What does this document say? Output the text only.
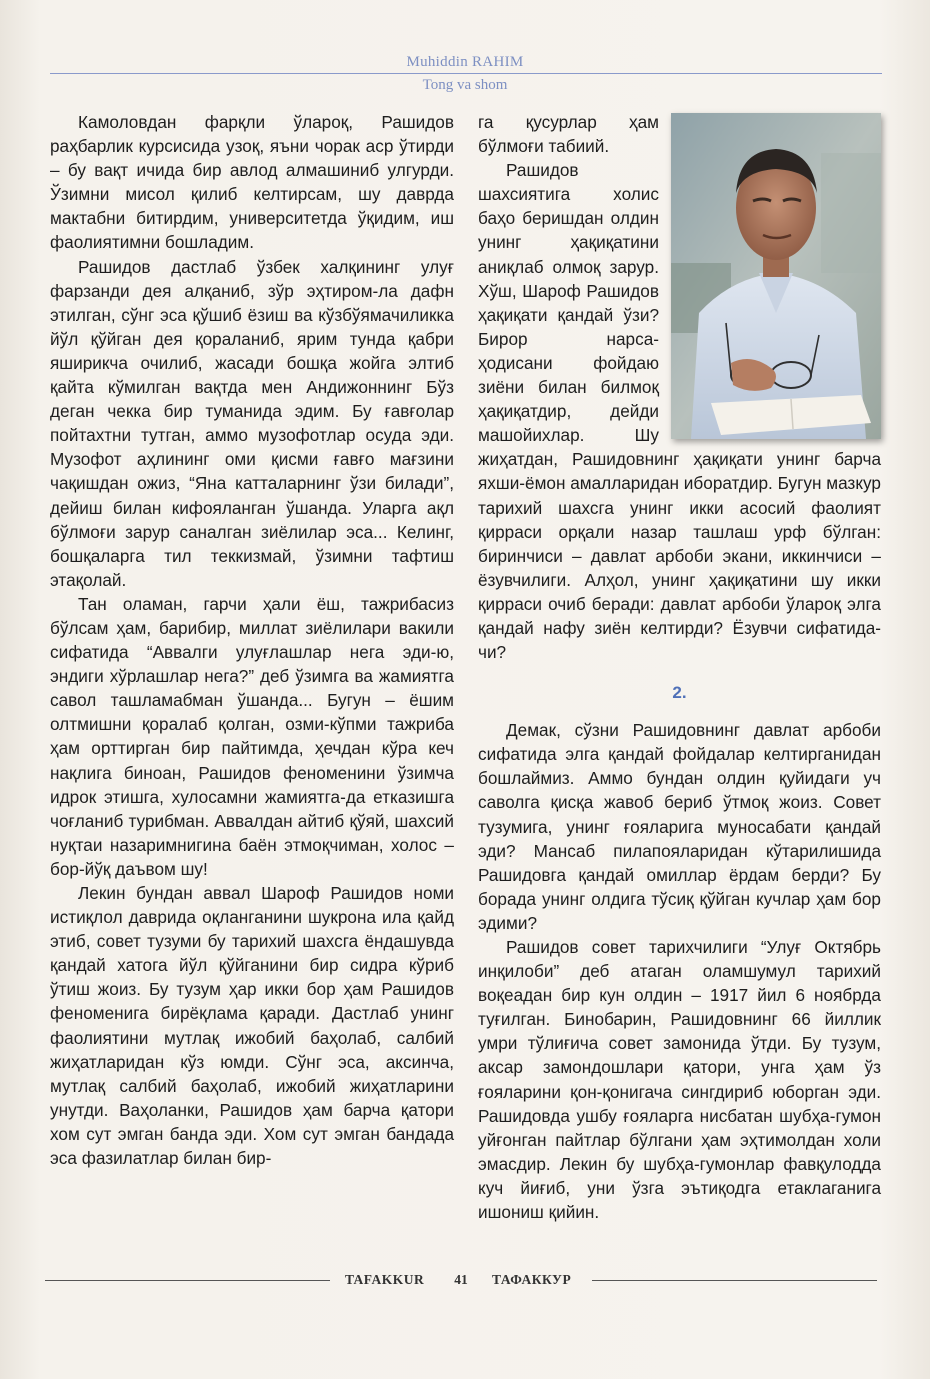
Muhiddin RAHIM
Tong va shom

Камоловдан фарқли ўлароқ, Рашидов раҳбарлик курсисида узоқ, яъни чорак аср ўтирди – бу вақт ичида бир авлод алмашиниб улгурди. Ўзимни мисол қилиб келтирсам, шу даврда мактабни битирдим, университетда ўқидим, иш фаолиятимни бошладим.

Рашидов дастлаб ўзбек халқининг улуғ фарзанди дея алқаниб, зўр эҳтиром-ла дафн этилган, сўнг эса қўшиб ёзиш ва кўзбўямачиликка йўл қўйган дея қораланиб, ярим тунда қабри яширикча очилиб, жасади бошқа жойга элтиб қайта кўмилган вақтда мен Андижоннинг Бўз деган чекка бир туманида эдим. Бу ғавғолар пойтахтни тутган, аммо музофотлар осуда эди. Музофот аҳлининг оми қисми ғавғо мағзини чақишдан ожиз, “Яна катталарнинг ўзи билади”, дейиш билан кифояланган ўшанда. Уларга ақл бўлмоғи зарур саналган зиёлилар эса... Келинг, бошқаларга тил теккизмай, ўзимни тафтиш этақолай.

Тан оламан, гарчи ҳали ёш, тажрибасиз бўлсам ҳам, барибир, миллат зиёлилари вакили сифатида “Аввалги улуғлашлар нега эди-ю, эндиги хўрлашлар нега?” деб ўзимга ва жамиятга савол ташламабман ўшанда... Бугун – ёшим олтмишни қоралаб қолган, озми-кўпми тажриба ҳам орттирган бир пайтимда, ҳечдан кўра кеч нақлига биноан, Рашидов феноменини ўзимча идрок этишга, хулосамни жамиятга-да етказишга чоғланиб турибман. Аввалдан айтиб қўяй, шахсий нуқтаи назаримнигина баён этмоқчиман, холос – бор-йўқ даъвом шу!

Лекин бундан аввал Шароф Рашидов номи истиқлол даврида оқланганини шукрона ила қайд этиб, совет тузуми бу тарихий шахсга ёндашувда қандай хатога йўл қўйганини бир сидра кўриб ўтиш жоиз. Бу тузум ҳар икки бор ҳам Рашидов феноменига бирёқлама қаради. Дастлаб унинг фаолиятини мутлақ ижобий баҳолаб, салбий жиҳатларидан кўз юмди. Сўнг эса, аксинча, мутлақ салбий баҳолаб, ижобий жиҳатларини унутди. Ваҳоланки, Рашидов ҳам барча қатори хом сут эмган банда эди. Хом сут эмган бандада эса фазилатлар билан бир-

га қусурлар ҳам бўлмоғи табиий.

Рашидов шахсиятига холис баҳо беришдан олдин унинг ҳақиқатини аниқлаб олмоқ зарур. Хўш, Шароф Рашидов ҳақиқати қандай ўзи? Бирор нарса-ҳодисани фойдаю зиёни билан билмоқ ҳақиқатдир, дейди машойихлар. Шу жиҳатдан, Рашидовнинг ҳақиқати унинг барча яхши-ёмон амалларидан иборатдир. Бугун мазкур тарихий шахсга унинг икки асосий фаолият қирраси орқали назар ташлаш урф бўлган: биринчиси – давлат арбоби экани, иккинчиси – ёзувчилиги. Алҳол, унинг ҳақиқатини шу икки қирраси очиб беради: давлат арбоби ўлароқ элга қандай нафу зиён келтирди? Ёзувчи сифатида-чи?

2.

Демак, сўзни Рашидовнинг давлат арбоби сифатида элга қандай фойдалар келтирганидан бошлаймиз. Аммо бундан олдин қуйидаги уч саволга қисқа жавоб бериб ўтмоқ жоиз. Совет тузумига, унинг ғояларига муносабати қандай эди? Мансаб пилапояларидан кўтарилишида Рашидовга қандай омиллар ёрдам берди? Бу борада унинг олдига тўсиқ қўйган кучлар ҳам бор эдими?

Рашидов совет тарихчилиги “Улуғ Октябрь инқилоби” деб атаган оламшумул тарихий воқеадан бир кун олдин – 1917 йил 6 ноябрда туғилган. Бинобарин, Рашидовнинг 66 йиллик умри тўлиғича совет замонида ўтди. Бу тузум, аксар замондошлари қатори, унга ҳам ўз ғояларини қон-қонигача сингдириб юборган эди. Рашидовда ушбу ғояларга нисбатан шубҳа-гумон уйғонган пайтлар бўлгани ҳам эҳтимолдан холи эмасдир. Лекин бу шубҳа-гумонлар фавқулодда куч йиғиб, уни ўзга эътиқодга етаклаганига ишониш қийин.

TAFAKKUR	41	ТАФАККУР
